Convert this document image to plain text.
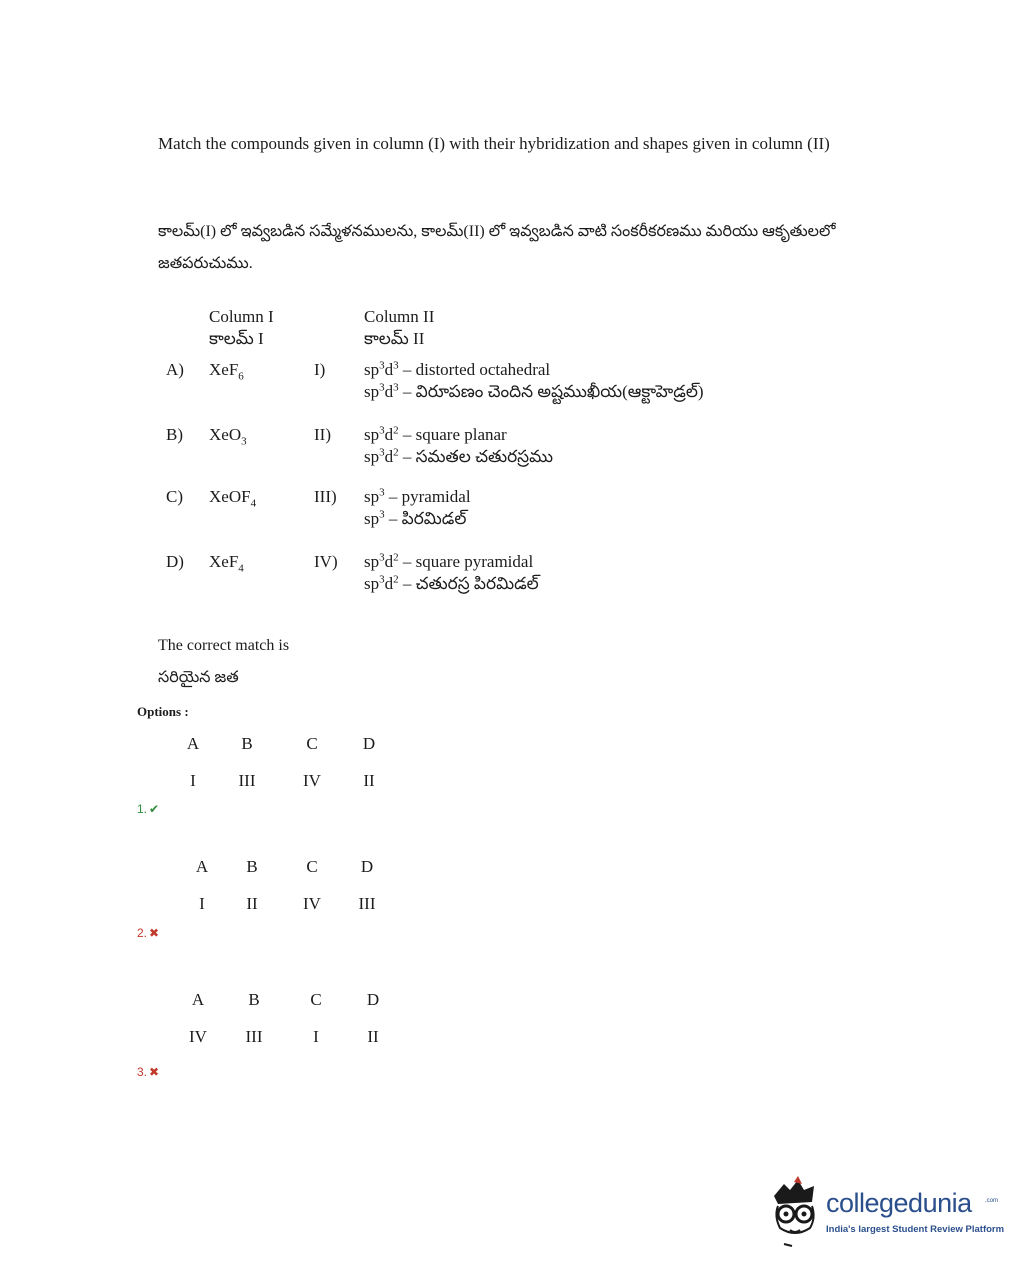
Match the compounds given in column (I) with their hybridization and shapes given in column (II)
కాలమ్(I) లో ఇవ్వబడిన సమ్మేళనములను, కాలమ్(II) లో ఇవ్వబడిన వాటి సంకరీకరణము మరియు ఆకృతులలో జతపరుచుము.
Column I
కాలమ్ I
Column II
కాలమ్ II
A) XeF$_6$	I) $sp^3d^3$ – distorted octahedral
$sp^3d^3$ – విరూపణం చెందిన అష్టముఖీయ(ఆక్టాహెడ్రల్)
B) XeO$_3$	II) $sp^3d^2$ – square planar
$sp^3d^2$ – సమతల చతురస్రము
C) XeOF$_4$	III) $sp^3$ – pyramidal
$sp^3$ – పిరమిడల్
D) XeF$_4$	IV) $sp^3d^2$ – square pyramidal
$sp^3d^2$ – చతురస్ర పిరమిడల్
The correct match is
సరియైన జత
Options :
A	B	C	D
I	III	IV	II
1. ✔
A	B	C	D
I	II	IV	III
2. ✖
A	B	C	D
IV	III	I	II
3. ✖
collegedunia .com
India's largest Student Review Platform
